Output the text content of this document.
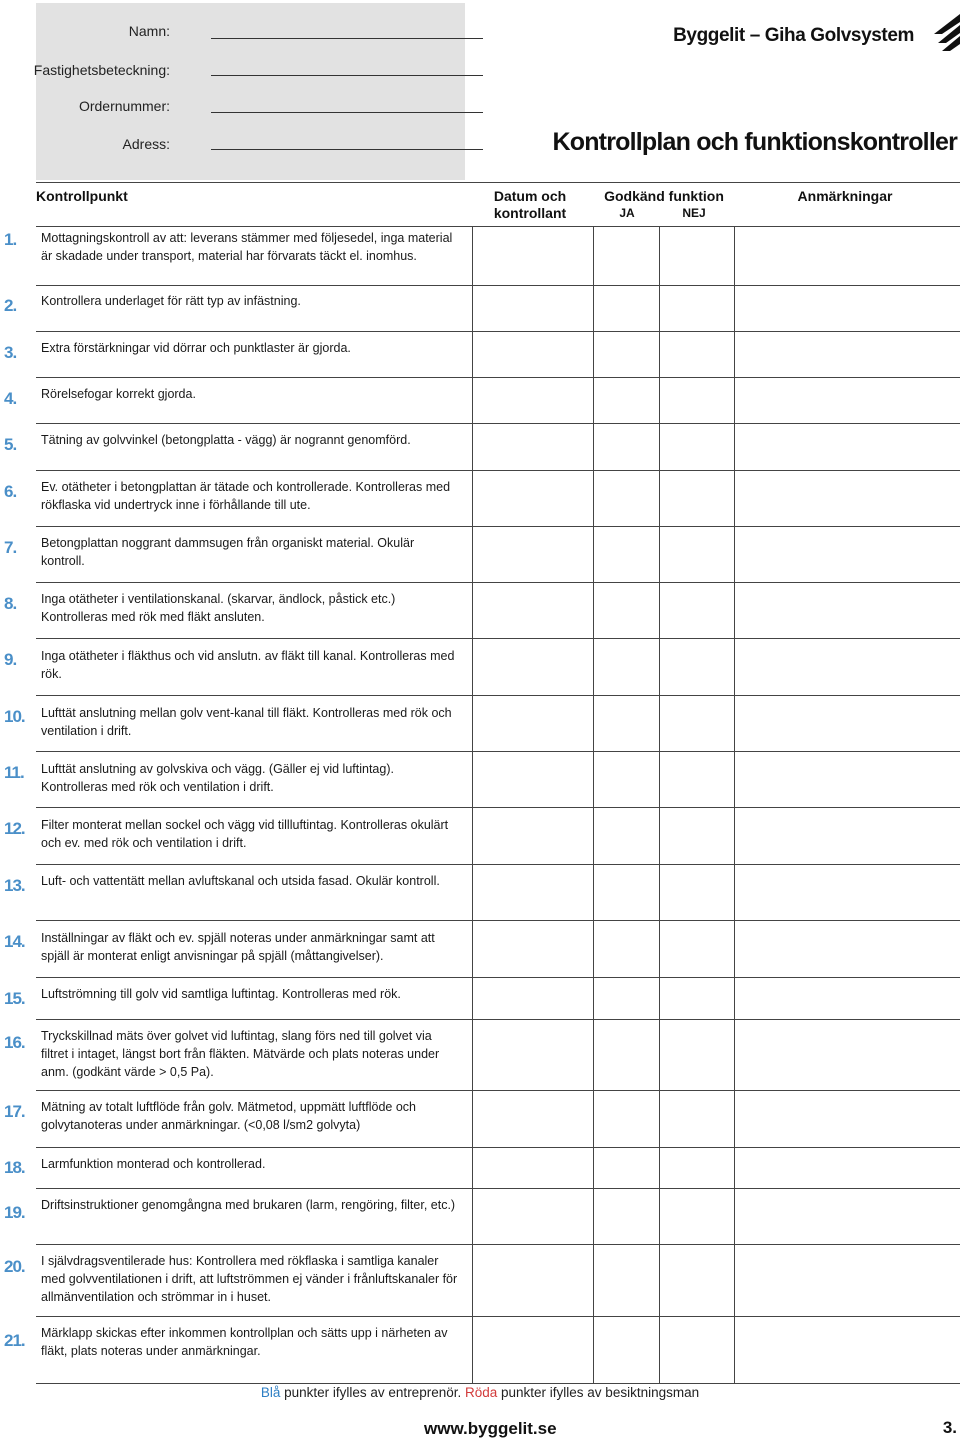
Namn:
Fastighetsbeteckning:
Ordernummer:
Adress:
Byggelit – Giha Golvsystem
Kontrollplan och funktionskontroller
Kontrollpunkt	Datum och
kontrollant
Godkänd funktion
JA	NEJ
Anmärkningar
1.	Mottagningskontroll av att: leverans stämmer med följesedel, inga material är skadade under transport, material har förvarats täckt el. inomhus.
2.	Kontrollera underlaget för rätt typ av infästning.
3.	Extra förstärkningar vid dörrar och punktlaster är gjorda.
4.	Rörelsefogar korrekt gjorda.
5.	Tätning av golvvinkel (betongplatta - vägg) är nogrannt genomförd.
6.	Ev. otätheter i betongplattan är tätade och kontrollerade. Kontrolleras med rökflaska vid undertryck inne i förhållande till ute.
7.	Betongplattan noggrant dammsugen från organiskt material. Okulär kontroll.
8.	Inga otätheter i ventilationskanal. (skarvar, ändlock, påstick etc.) Kontrolleras med rök med fläkt ansluten.
9.	Inga otätheter i fläkthus och vid anslutn. av fläkt till kanal. Kontrolleras med rök.
10.	Lufttät anslutning mellan golv vent-kanal till fläkt. Kontrolleras med rök och ventilation i drift.
11.	Lufttät anslutning av golvskiva och vägg. (Gäller ej vid luftintag). Kontrolleras med rök och ventilation i drift.
12.	Filter monterat mellan sockel och vägg vid tillluftintag. Kontrolleras okulärt och ev. med rök och ventilation i drift.
13.	Luft- och vattentätt mellan avluftskanal och utsida fasad. Okulär kontroll.
14.	Inställningar av fläkt och ev. spjäll noteras under anmärkningar samt att spjäll är monterat enligt anvisningar på spjäll (måttangivelser).
15.	Luftströmning till golv vid samtliga luftintag. Kontrolleras med rök.
16.	Tryckskillnad mäts över golvet vid luftintag, slang förs ned till golvet via filtret i intaget, längst bort från fläkten. Mätvärde och plats noteras under anm. (godkänt värde > 0,5 Pa).
17.	Mätning av totalt luftflöde från golv. Mätmetod, uppmätt luftflöde och golvytanoteras under anmärkningar. (<0,08 l/sm2 golvyta)
18.	Larmfunktion monterad och kontrollerad.
19.	Driftsinstruktioner genomgångna med brukaren (larm, rengöring, filter, etc.)
20.	I självdragsventilerade hus: Kontrollera med rökflaska i samtliga kanaler med golvventilationen i drift, att luftströmmen ej vänder i frånluftskanaler för allmänventilation och strömmar in i huset.
21.	Märklapp skickas efter inkommen kontrollplan och sätts upp i närheten av fläkt, plats noteras under anmärkningar.
Blå punkter ifylles av entreprenör. Röda punkter ifylles av besiktningsman
www.byggelit.se	3.
